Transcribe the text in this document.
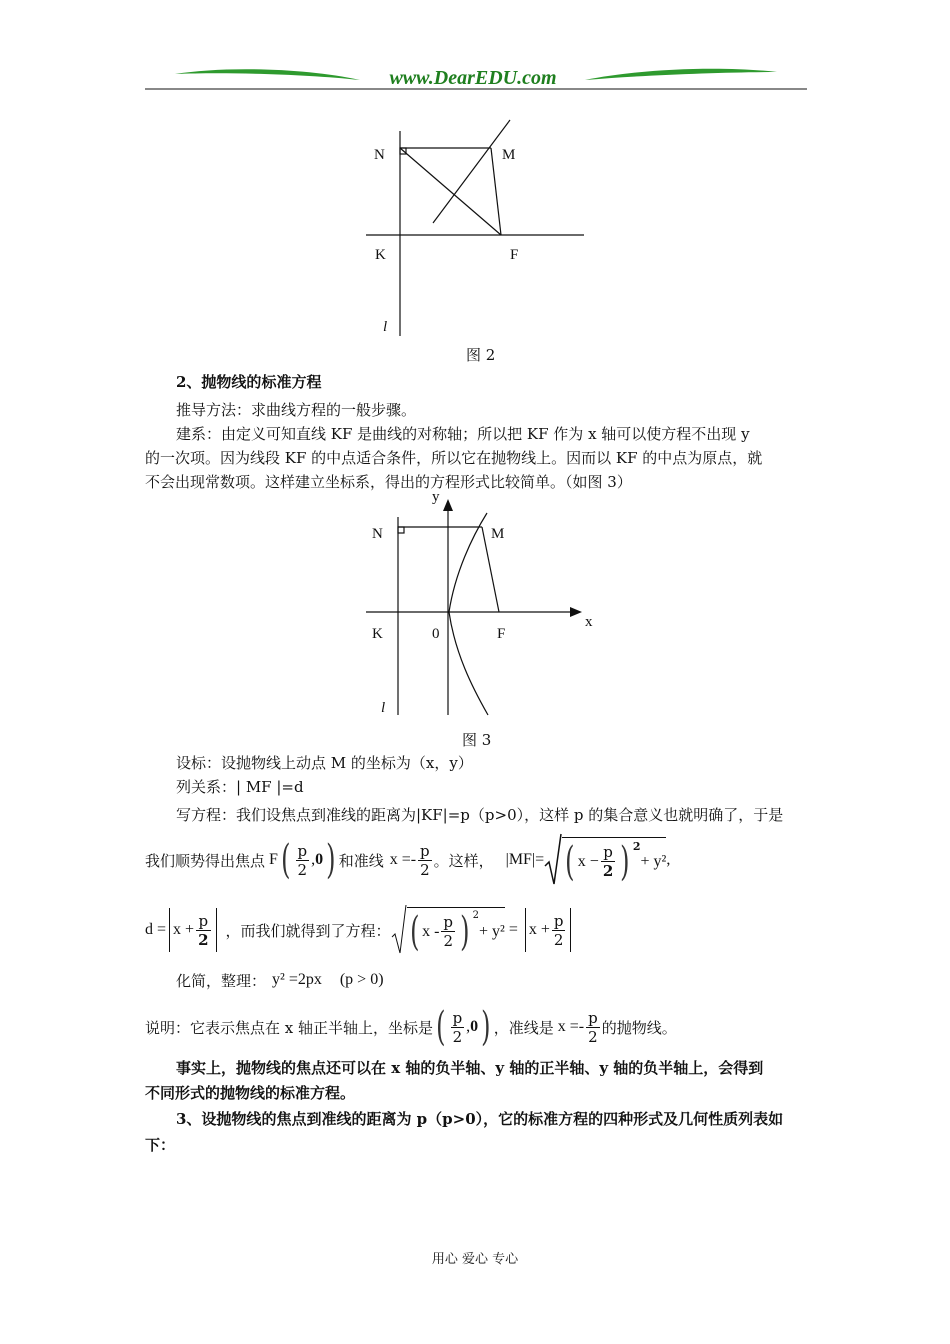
www.DearEDU.com
N	M
K	F
l
图 2
2、抛物线的标准方程
推导方法：求曲线方程的一般步骤。
建系：由定义可知直线 KF 是曲线的对称轴；所以把 KF 作为 x 轴可以使方程不出现 y
的一次项。因为线段 KF 的中点适合条件，所以它在抛物线上。因而以 KF 的中点为原点，就
不会出现常数项。这样建立坐标系，得出的方程形式比较简单。（如图 3）
y
x
N	M
K	0	F
l
图 3
设标：设抛物线上动点 M 的坐标为（x，y）
列关系：| MF |=d
写方程：我们设焦点到准线的距离为|KF|=p（p>0），这样 p 的集合意义也就明确了，于是
我们顺势得出焦点 F ( $\frac{p}{2}$ , 0 ) 和准线 $x =- \frac{p}{2}$ 。这样， |MF|= ( $x - \frac{p}{2}$ ) $^2$
+ y² ,
$d = x + \frac{p}{2}$ ，而我们就得到了方程： ( x - $\frac{p}{2}$ ) $^2$
+ $y^2 = x + \frac{p}{2}$
化简，整理： y² =2px (p > 0)
说明：它表示焦点在 x 轴正半轴上，坐标是 ( $\frac{p}{2}$ , 0 ) ，准线是 $x =- \frac{p}{2}$ 的抛物线。
事实上，抛物线的焦点还可以在 x 轴的负半轴、y 轴的正半轴、y 轴的负半轴上，会得到
不同形式的抛物线的标准方程。
3、设抛物线的焦点到准线的距离为 p（p>0），它的标准方程的四种形式及几何性质列表如
下：
用心 爱心 专心
